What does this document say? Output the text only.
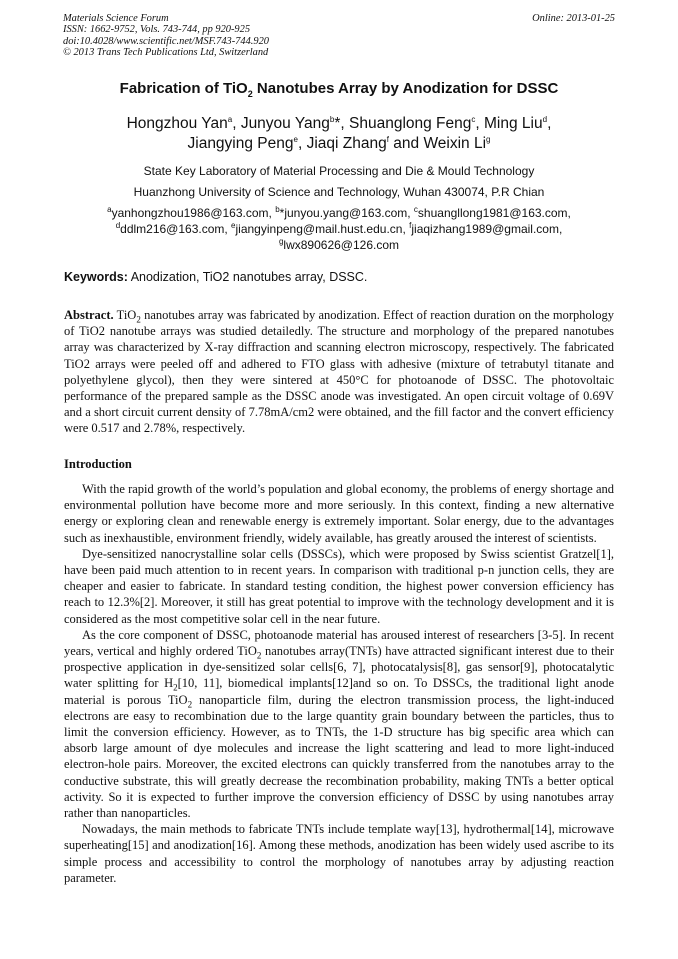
Materials Science Forum
ISSN: 1662-9752, Vols. 743-744, pp 920-925
doi:10.4028/www.scientific.net/MSF.743-744.920
© 2013 Trans Tech Publications Ltd, Switzerland
Online: 2013-01-25
Fabrication of TiO$_2$ Nanotubes Array by Anodization for DSSC
Hongzhou Yan$^a$, Junyou Yang$^b$*, Shuanglong Feng$^c$, Ming Liu$^d$,
Jiangying Peng$^e$, Jiaqi Zhang$^f$ and Weixin Li$^g$
State Key Laboratory of Material Processing and Die & Mould Technology
Huanzhong University of Science and Technology, Wuhan 430074, P.R Chian
$^a$yanhongzhou1986@163.com, $^b$*junyou.yang@163.com, $^c$shuangllong1981@163.com,
$^d$ddlm216@163.com, $^e$jiangyinpeng@mail.hust.edu.cn, $^f$jiaqizhang1989@gmail.com,
$^g$lwx890626@126.com
Keywords: Anodization, TiO2 nanotubes array, DSSC.
Abstract. TiO$_2$ nanotubes array was fabricated by anodization. Effect of reaction duration on the morphology of TiO2 nanotube arrays was studied detailedly. The structure and morphology of the prepared nanotubes array was characterized by X-ray diffraction and scanning electron microscopy, respectively. The fabricated TiO2 arrays were peeled off and adhered to FTO glass with adhesive (mixture of tetrabutyl titanate and polyethylene glycol), then they were sintered at 450°C for photoanode of DSSC. The photovoltaic performance of the prepared sample as the DSSC anode was investigated. An open circuit voltage of 0.69V and a short circuit current density of 7.78mA/cm2 were obtained, and the fill factor and the convert efficiency were 0.517 and 2.78%, respectively.
Introduction

With the rapid growth of the world’s population and global economy, the problems of energy shortage and environmental pollution have become more and more seriously. In this context, finding a new alternative energy or exploring clean and renewable energy is extremely important. Solar energy, due to the advantages such as inexhaustible, environment friendly, widely available, has greatly aroused the interest of scientists.

Dye-sensitized nanocrystalline solar cells (DSSCs), which were proposed by Swiss scientist Gratzel[1], have been paid much attention to in recent years. In comparison with traditional p-n junction cells, they are cheaper and easier to fabricate. In standard testing condition, the highest power conversion efficiency has reach to 12.3%[2]. Moreover, it still has great potential to improve with the technology development and it is considered as the most competitive solar cell in the near future.

As the core component of DSSC, photoanode material has aroused interest of researchers [3-5]. In recent years, vertical and highly ordered TiO$_2$ nanotubes array(TNTs) have attracted significant interest due to their prospective application in dye-sensitized solar cells[6, 7], photocatalysis[8], gas sensor[9], photocatalytic water splitting for $H_2[10$, 11], biomedical implants[12]and so on. To DSSCs, the traditional light anode material is porous TiO$_2$ nanoparticle film, during the electron transmission process, the light-induced electrons are easy to recombination due to the large quantity grain boundary between the particles, thus to limit the conversion efficiency. However, as to TNTs, the 1-D structure has big specific area which can absorb large amount of dye molecules and increase the light scattering and lead to more light-induced electron-hole pairs. Moreover, the excited electrons can quickly transferred from the nanotubes array to the conductive substrate, this will greatly decrease the recombination probability, making TNTs a better optical activity. So it is expected to further improve the conversion efficiency of DSSC by using nanotubes array rather than nanoparticles.

Nowadays, the main methods to fabricate TNTs include template way[13], hydrothermal[14], microwave superheating[15] and anodization[16]. Among these methods, anodization has been widely used ascribe to its simple process and accessibility to control the morphology of nanotubes array by adjusting reaction parameter.
